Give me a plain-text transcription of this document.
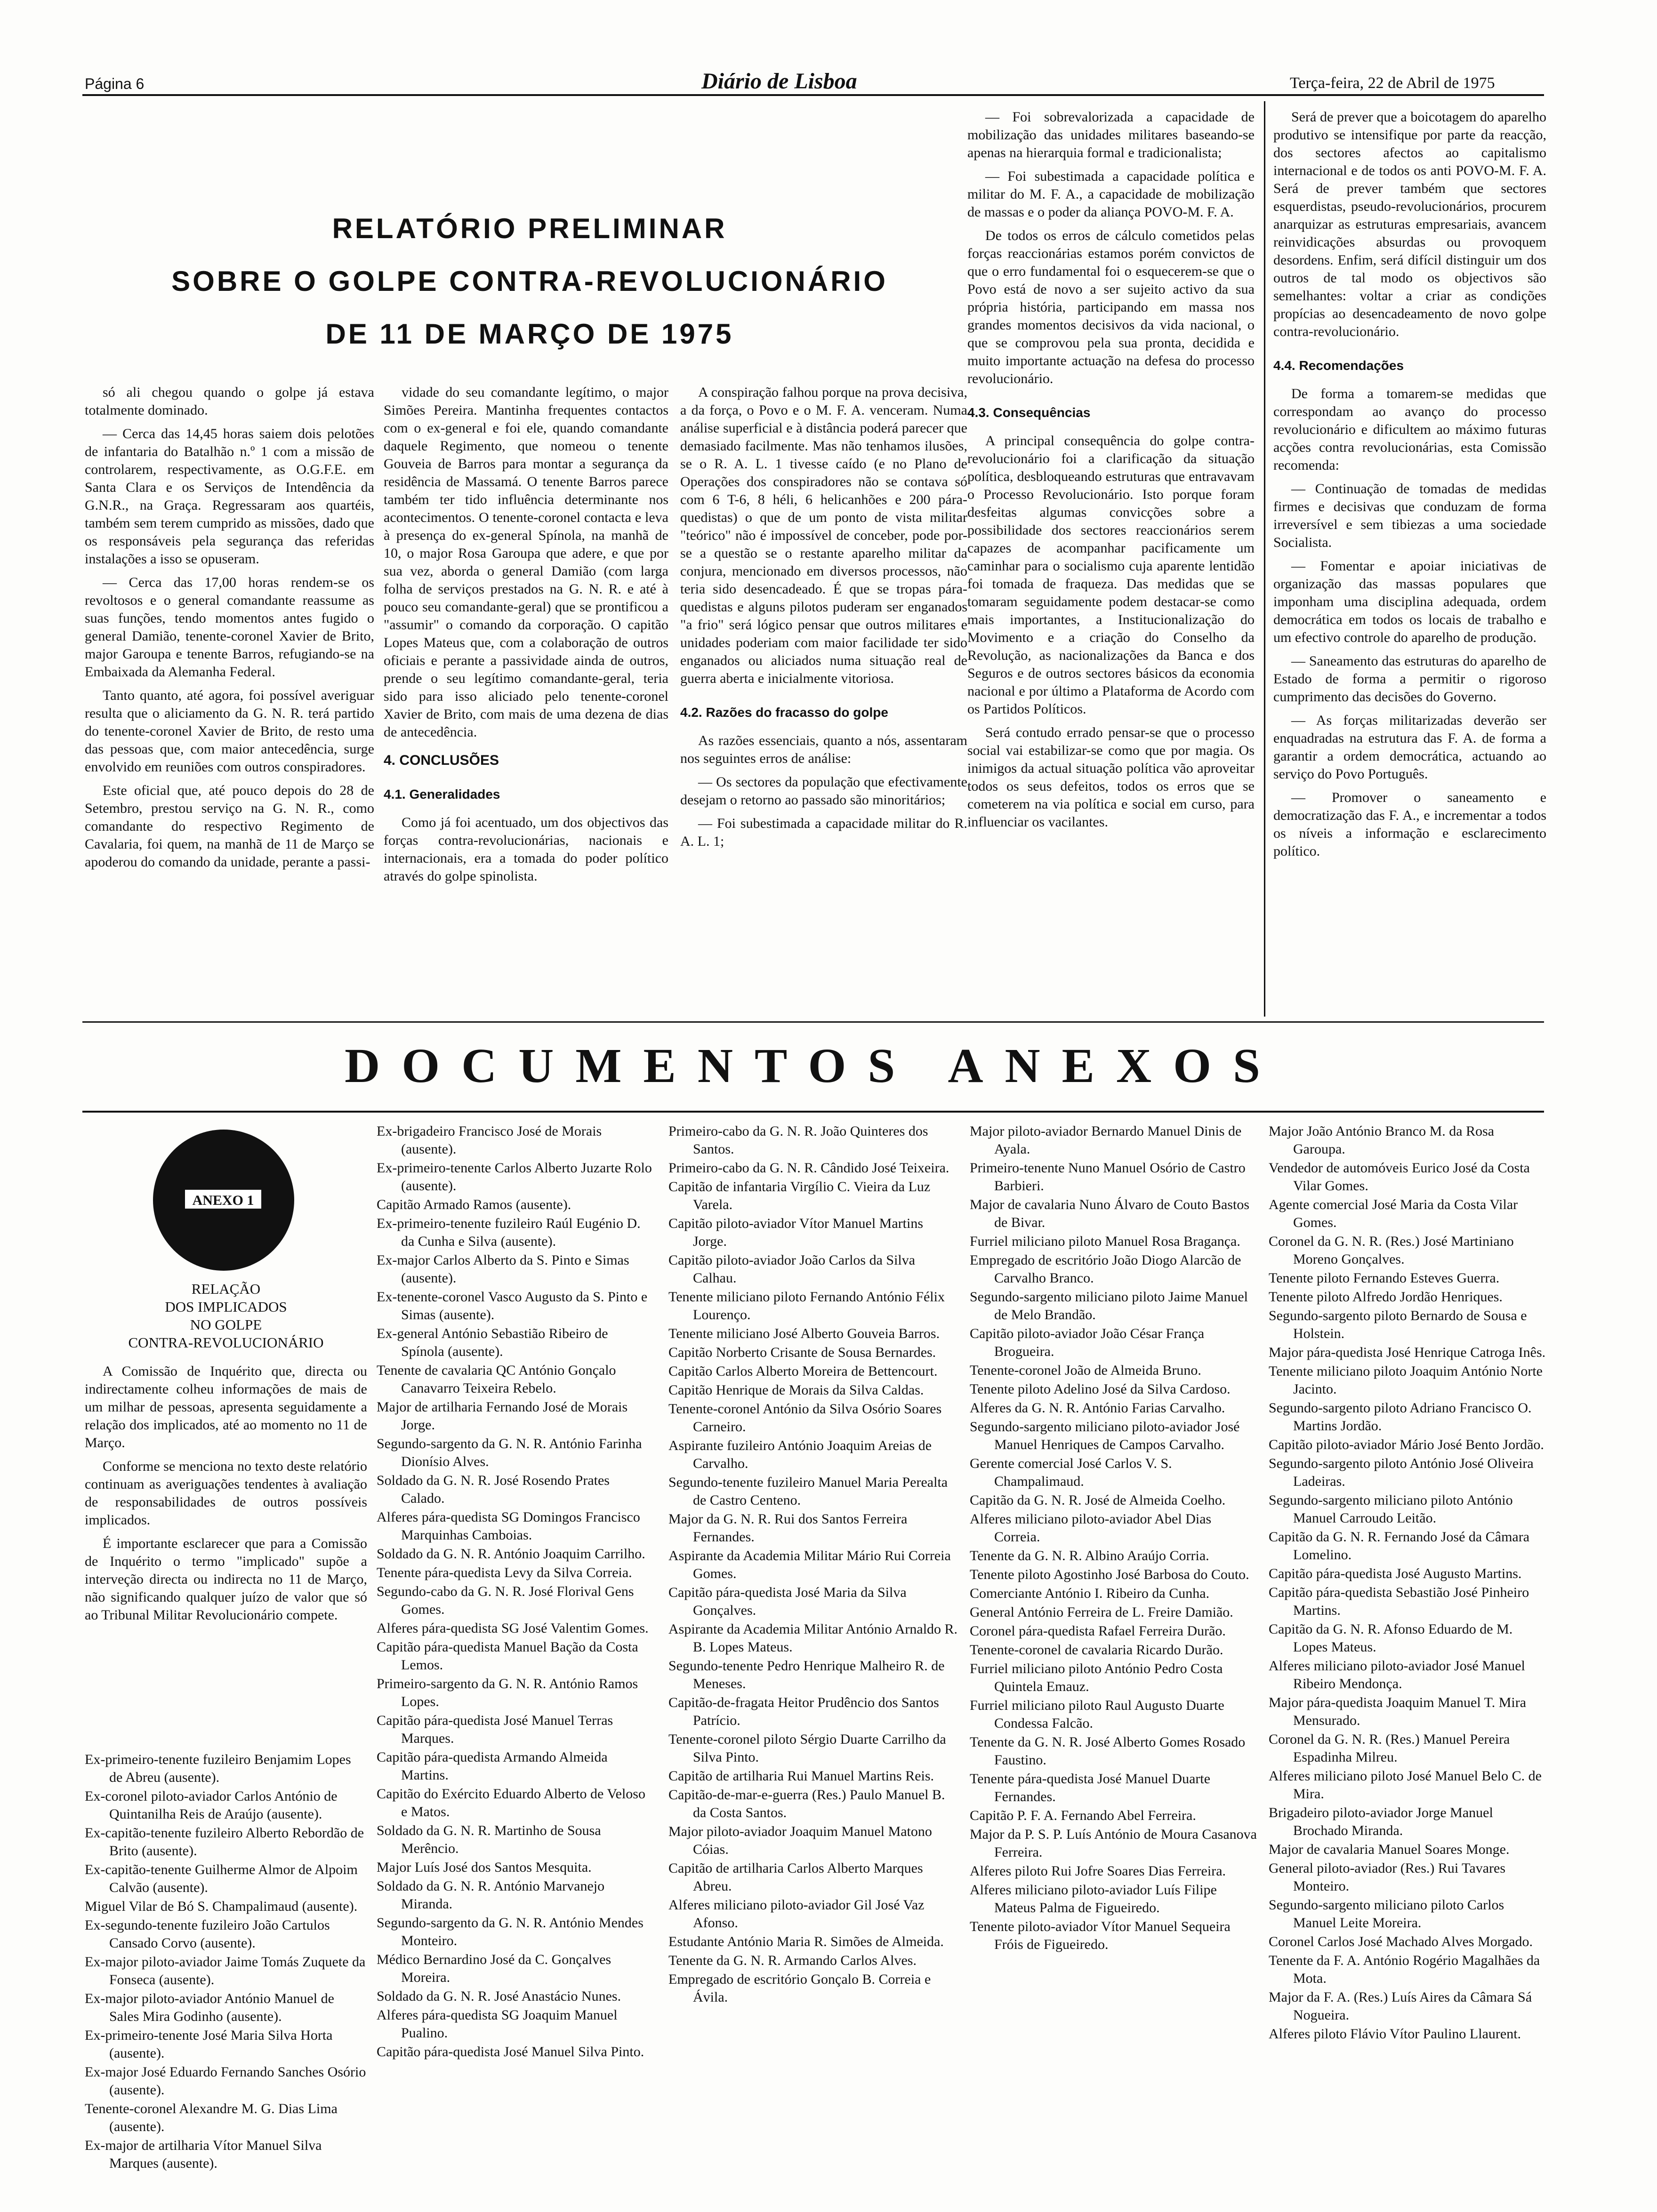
Página 6	Diário de Lisboa	Terça-feira, 22 de Abril de 1975
RELATÓRIO PRELIMINAR
SOBRE O GOLPE CONTRA-REVOLUCIONÁRIO
DE 11 DE MARÇO DE 1975

só ali chegou quando o golpe já estava totalmente dominado.

— Cerca das 14,45 horas saiem dois pelotões de infantaria do Batalhão n.º 1 com a missão de controlarem, respectivamente, as O.G.F.E. em Santa Clara e os Serviços de Intendência da G.N.R., na Graça. Regressaram aos quartéis, também sem terem cumprido as missões, dado que os responsáveis pela segurança das referidas instalações a isso se opuseram.

— Cerca das 17,00 horas rendem-se os revoltosos e o general comandante reassume as suas funções, tendo momentos antes fugido o general Damião, tenente-coronel Xavier de Brito, major Garoupa e tenente Barros, refugiando-se na Embaixada da Alemanha Federal.

Tanto quanto, até agora, foi possível averiguar resulta que o aliciamento da G. N. R. terá partido do tenente-coronel Xavier de Brito, de resto uma das pessoas que, com maior antecedência, surge envolvido em reuniões com outros conspiradores.

Este oficial que, até pouco depois do 28 de Setembro, prestou serviço na G. N. R., como comandante do respectivo Regimento de Cavalaria, foi quem, na manhã de 11 de Março se apoderou do comando da unidade, perante a passi-

vidade do seu comandante legítimo, o major Simões Pereira. Mantinha frequentes contactos com o ex-general e foi ele, quando comandante daquele Regimento, que nomeou o tenente Gouveia de Barros para montar a segurança da residência de Massamá. O tenente Barros parece também ter tido influência determinante nos acontecimentos. O tenente-coronel contacta e leva à presença do ex-general Spínola, na manhã de 10, o major Rosa Garoupa que adere, e que por sua vez, aborda o general Damião (com larga folha de serviços prestados na G. N. R. e até à pouco seu comandante-geral) que se prontificou a "assumir" o comando da corporação. O capitão Lopes Mateus que, com a colaboração de outros oficiais e perante a passividade ainda de outros, prende o seu legítimo comandante-geral, teria sido para isso aliciado pelo tenente-coronel Xavier de Brito, com mais de uma dezena de dias de antecedência.

4. CONCLUSÕES
4.1. Generalidades

Como já foi acentuado, um dos objectivos das forças contra-revolucionárias, nacionais e internacionais, era a tomada do poder político através do golpe spinolista.

A conspiração falhou porque na prova decisiva, a da força, o Povo e o M. F. A. venceram. Numa análise superficial e à distância poderá parecer que demasiado facilmente. Mas não tenhamos ilusões, se o R. A. L. 1 tivesse caído (e no Plano de Operações dos conspiradores não se contava só com 6 T-6, 8 héli, 6 helicanhões e 200 pára-quedistas) o que de um ponto de vista militar "teórico" não é impossível de conceber, pode por-se a questão se o restante aparelho militar da conjura, mencionado em diversos processos, não teria sido desencadeado. É que se tropas pára-quedistas e alguns pilotos puderam ser enganados "a frio" será lógico pensar que outros militares e unidades poderiam com maior facilidade ter sido enganados ou aliciados numa situação real de guerra aberta e inicialmente vitoriosa.

4.2. Razões do fracasso do golpe

As razões essenciais, quanto a nós, assentaram nos seguintes erros de análise:

— Os sectores da população que efectivamente desejam o retorno ao passado são minoritários;

— Foi subestimada a capacidade militar do R. A. L. 1;

— Foi sobrevalorizada a capacidade de mobilização das unidades militares baseando-se apenas na hierarquia formal e tradicionalista;

— Foi subestimada a capacidade política e militar do M. F. A., a capacidade de mobilização de massas e o poder da aliança POVO-M. F. A.

De todos os erros de cálculo cometidos pelas forças reaccionárias estamos porém convictos de que o erro fundamental foi o esquecerem-se que o Povo está de novo a ser sujeito activo da sua própria história, participando em massa nos grandes momentos decisivos da vida nacional, o que se comprovou pela sua pronta, decidida e muito importante actuação na defesa do processo revolucionário.

4.3. Consequências

A principal consequência do golpe contra-revolucionário foi a clarificação da situação política, desbloqueando estruturas que entravavam o Processo Revolucionário. Isto porque foram desfeitas algumas convicções sobre a possibilidade dos sectores reaccionários serem capazes de acompanhar pacificamente um caminhar para o socialismo cuja aparente lentidão foi tomada de fraqueza. Das medidas que se tomaram seguidamente podem destacar-se como mais importantes, a Institucionalização do Movimento e a criação do Conselho da Revolução, as nacionalizações da Banca e dos Seguros e de outros sectores básicos da economia nacional e por último a Plataforma de Acordo com os Partidos Políticos.

Será contudo errado pensar-se que o processo social vai estabilizar-se como que por magia. Os inimigos da actual situação política vão aproveitar todos os seus defeitos, todos os erros que se cometerem na via política e social em curso, para influenciar os vacilantes.

Será de prever que a boicotagem do aparelho produtivo se intensifique por parte da reacção, dos sectores afectos ao capitalismo internacional e de todos os anti POVO-M. F. A. Será de prever também que sectores esquerdistas, pseudo-revolucionários, procurem anarquizar as estruturas empresariais, avancem reinvidicações absurdas ou provoquem desordens. Enfim, será difícil distinguir um dos outros de tal modo os objectivos são semelhantes: voltar a criar as condições propícias ao desencadeamento de novo golpe contra-revolucionário.

4.4. Recomendações

De forma a tomarem-se medidas que correspondam ao avanço do processo revolucionário e dificultem ao máximo futuras acções contra revolucionárias, esta Comissão recomenda:

— Continuação de tomadas de medidas firmes e decisivas que conduzam de forma irreversível e sem tibiezas a uma sociedade Socialista.

— Fomentar e apoiar iniciativas de organização das massas populares que imponham uma disciplina adequada, ordem democrática em todos os locais de trabalho e um efectivo controle do aparelho de produção.

— Saneamento das estruturas do aparelho de Estado de forma a permitir o rigoroso cumprimento das decisões do Governo.

— As forças militarizadas deverão ser enquadradas na estrutura das F. A. de forma a garantir a ordem democrática, actuando ao serviço do Povo Português.

— Promover o saneamento e democratização das F. A., e incrementar a todos os níveis a informação e esclarecimento político.

DOCUMENTOS ANEXOS
ANEXO 1
RELAÇÃO
DOS IMPLICADOS
NO GOLPE
CONTRA-REVOLUCIONÁRIO

A Comissão de Inquérito que, directa ou indirectamente colheu informações de mais de um milhar de pessoas, apresenta seguidamente a relação dos implicados, até ao momento no 11 de Março.

Conforme se menciona no texto deste relatório continuam as averiguações tendentes à avaliação de responsabilidades de outros possíveis implicados.

É importante esclarecer que para a Comissão de Inquérito o termo "implicado" supõe a interveção directa ou indirecta no 11 de Março, não significando qualquer juízo de valor que só ao Tribunal Militar Revolucionário compete.

Ex-primeiro-tenente fuzileiro Benjamim Lopes de Abreu (ausente).
Ex-coronel piloto-aviador Carlos António de Quintanilha Reis de Araújo (ausente).
Ex-capitão-tenente fuzileiro Alberto Rebordão de Brito (ausente).
Ex-capitão-tenente Guilherme Almor de Alpoim Calvão (ausente).
Miguel Vilar de Bó S. Champalimaud (ausente).
Ex-segundo-tenente fuzileiro João Cartulos Cansado Corvo (ausente).
Ex-major piloto-aviador Jaime Tomás Zuquete da Fonseca (ausente).
Ex-major piloto-aviador António Manuel de Sales Mira Godinho (ausente).
Ex-primeiro-tenente José Maria Silva Horta (ausente).
Ex-major José Eduardo Fernando Sanches Osório (ausente).
Tenente-coronel Alexandre M. G. Dias Lima (ausente).
Ex-major de artilharia Vítor Manuel Silva Marques (ausente).
Ex-brigadeiro Francisco José de Morais (ausente).
Ex-primeiro-tenente Carlos Alberto Juzarte Rolo (ausente).
Capitão Armado Ramos (ausente).
Ex-primeiro-tenente fuzileiro Raúl Eugénio D. da Cunha e Silva (ausente).
Ex-major Carlos Alberto da S. Pinto e Simas (ausente).
Ex-tenente-coronel Vasco Augusto da S. Pinto e Simas (ausente).
Ex-general António Sebastião Ribeiro de Spínola (ausente).
Tenente de cavalaria QC António Gonçalo Canavarro Teixeira Rebelo.
Major de artilharia Fernando José de Morais Jorge.
Segundo-sargento da G. N. R. António Farinha Dionísio Alves.
Soldado da G. N. R. José Rosendo Prates Calado.
Alferes pára-quedista SG Domingos Francisco Marquinhas Camboias.
Soldado da G. N. R. António Joaquim Carrilho.
Tenente pára-quedista Levy da Silva Correia.
Segundo-cabo da G. N. R. José Florival Gens Gomes.
Alferes pára-quedista SG José Valentim Gomes.
Capitão pára-quedista Manuel Bação da Costa Lemos.
Primeiro-sargento da G. N. R. António Ramos Lopes.
Capitão pára-quedista José Manuel Terras Marques.
Capitão pára-quedista Armando Almeida Martins.
Capitão do Exército Eduardo Alberto de Veloso e Matos.
Soldado da G. N. R. Martinho de Sousa Merêncio.
Major Luís José dos Santos Mesquita.
Soldado da G. N. R. António Marvanejo Miranda.
Segundo-sargento da G. N. R. António Mendes Monteiro.
Médico Bernardino José da C. Gonçalves Moreira.
Soldado da G. N. R. José Anastácio Nunes.
Alferes pára-quedista SG Joaquim Manuel Pualino.
Capitão pára-quedista José Manuel Silva Pinto.
Primeiro-cabo da G. N. R. João Quinteres dos Santos.
Primeiro-cabo da G. N. R. Cândido José Teixeira.
Capitão de infantaria Virgílio C. Vieira da Luz Varela.
Capitão piloto-aviador Vítor Manuel Martins Jorge.
Capitão piloto-aviador João Carlos da Silva Calhau.
Tenente miliciano piloto Fernando António Félix Lourenço.
Tenente miliciano José Alberto Gouveia Barros.
Capitão Norberto Crisante de Sousa Bernardes.
Capitão Carlos Alberto Moreira de Bettencourt.
Capitão Henrique de Morais da Silva Caldas.
Tenente-coronel António da Silva Osório Soares Carneiro.
Aspirante fuzileiro António Joaquim Areias de Carvalho.
Segundo-tenente fuzileiro Manuel Maria Perealta de Castro Centeno.
Major da G. N. R. Rui dos Santos Ferreira Fernandes.
Aspirante da Academia Militar Mário Rui Correia Gomes.
Capitão pára-quedista José Maria da Silva Gonçalves.
Aspirante da Academia Militar António Arnaldo R. B. Lopes Mateus.
Segundo-tenente Pedro Henrique Malheiro R. de Meneses.
Capitão-de-fragata Heitor Prudêncio dos Santos Patrício.
Tenente-coronel piloto Sérgio Duarte Carrilho da Silva Pinto.
Capitão de artilharia Rui Manuel Martins Reis.
Capitão-de-mar-e-guerra (Res.) Paulo Manuel B. da Costa Santos.
Major piloto-aviador Joaquim Manuel Matono Cóias.
Capitão de artilharia Carlos Alberto Marques Abreu.
Alferes miliciano piloto-aviador Gil José Vaz Afonso.
Estudante António Maria R. Simões de Almeida.
Tenente da G. N. R. Armando Carlos Alves.
Empregado de escritório Gonçalo B. Correia e Ávila.
Major piloto-aviador Bernardo Manuel Dinis de Ayala.
Primeiro-tenente Nuno Manuel Osório de Castro Barbieri.
Major de cavalaria Nuno Álvaro de Couto Bastos de Bivar.
Furriel miliciano piloto Manuel Rosa Bragança.
Empregado de escritório João Diogo Alarcão de Carvalho Branco.
Segundo-sargento miliciano piloto Jaime Manuel de Melo Brandão.
Capitão piloto-aviador João César França Brogueira.
Tenente-coronel João de Almeida Bruno.
Tenente piloto Adelino José da Silva Cardoso.
Alferes da G. N. R. António Farias Carvalho.
Segundo-sargento miliciano piloto-aviador José Manuel Henriques de Campos Carvalho.
Gerente comercial José Carlos V. S. Champalimaud.
Capitão da G. N. R. José de Almeida Coelho.
Alferes miliciano piloto-aviador Abel Dias Correia.
Tenente da G. N. R. Albino Araújo Corria.
Tenente piloto Agostinho José Barbosa do Couto.
Comerciante António I. Ribeiro da Cunha.
General António Ferreira de L. Freire Damião.
Coronel pára-quedista Rafael Ferreira Durão.
Tenente-coronel de cavalaria Ricardo Durão.
Furriel miliciano piloto António Pedro Costa Quintela Emauz.
Furriel miliciano piloto Raul Augusto Duarte Condessa Falcão.
Tenente da G. N. R. José Alberto Gomes Rosado Faustino.
Tenente pára-quedista José Manuel Duarte Fernandes.
Capitão P. F. A. Fernando Abel Ferreira.
Major da P. S. P. Luís António de Moura Casanova Ferreira.
Alferes piloto Rui Jofre Soares Dias Ferreira.
Alferes miliciano piloto-aviador Luís Filipe Mateus Palma de Figueiredo.
Tenente piloto-aviador Vítor Manuel Sequeira Fróis de Figueiredo.
Major João António Branco M. da Rosa Garoupa.
Vendedor de automóveis Eurico José da Costa Vilar Gomes.
Agente comercial José Maria da Costa Vilar Gomes.
Coronel da G. N. R. (Res.) José Martiniano Moreno Gonçalves.
Tenente piloto Fernando Esteves Guerra.
Tenente piloto Alfredo Jordão Henriques.
Segundo-sargento piloto Bernardo de Sousa e Holstein.
Major pára-quedista José Henrique Catroga Inês.
Tenente miliciano piloto Joaquim António Norte Jacinto.
Segundo-sargento piloto Adriano Francisco O. Martins Jordão.
Capitão piloto-aviador Mário José Bento Jordão.
Segundo-sargento piloto António José Oliveira Ladeiras.
Segundo-sargento miliciano piloto António Manuel Carroudo Leitão.
Capitão da G. N. R. Fernando José da Câmara Lomelino.
Capitão pára-quedista José Augusto Martins.
Capitão pára-quedista Sebastião José Pinheiro Martins.
Capitão da G. N. R. Afonso Eduardo de M. Lopes Mateus.
Alferes miliciano piloto-aviador José Manuel Ribeiro Mendonça.
Major pára-quedista Joaquim Manuel T. Mira Mensurado.
Coronel da G. N. R. (Res.) Manuel Pereira Espadinha Milreu.
Alferes miliciano piloto José Manuel Belo C. de Mira.
Brigadeiro piloto-aviador Jorge Manuel Brochado Miranda.
Major de cavalaria Manuel Soares Monge.
General piloto-aviador (Res.) Rui Tavares Monteiro.
Segundo-sargento miliciano piloto Carlos Manuel Leite Moreira.
Coronel Carlos José Machado Alves Morgado.
Tenente da F. A. António Rogério Magalhães da Mota.
Major da F. A. (Res.) Luís Aires da Câmara Sá Nogueira.
Alferes piloto Flávio Vítor Paulino Llaurent.
